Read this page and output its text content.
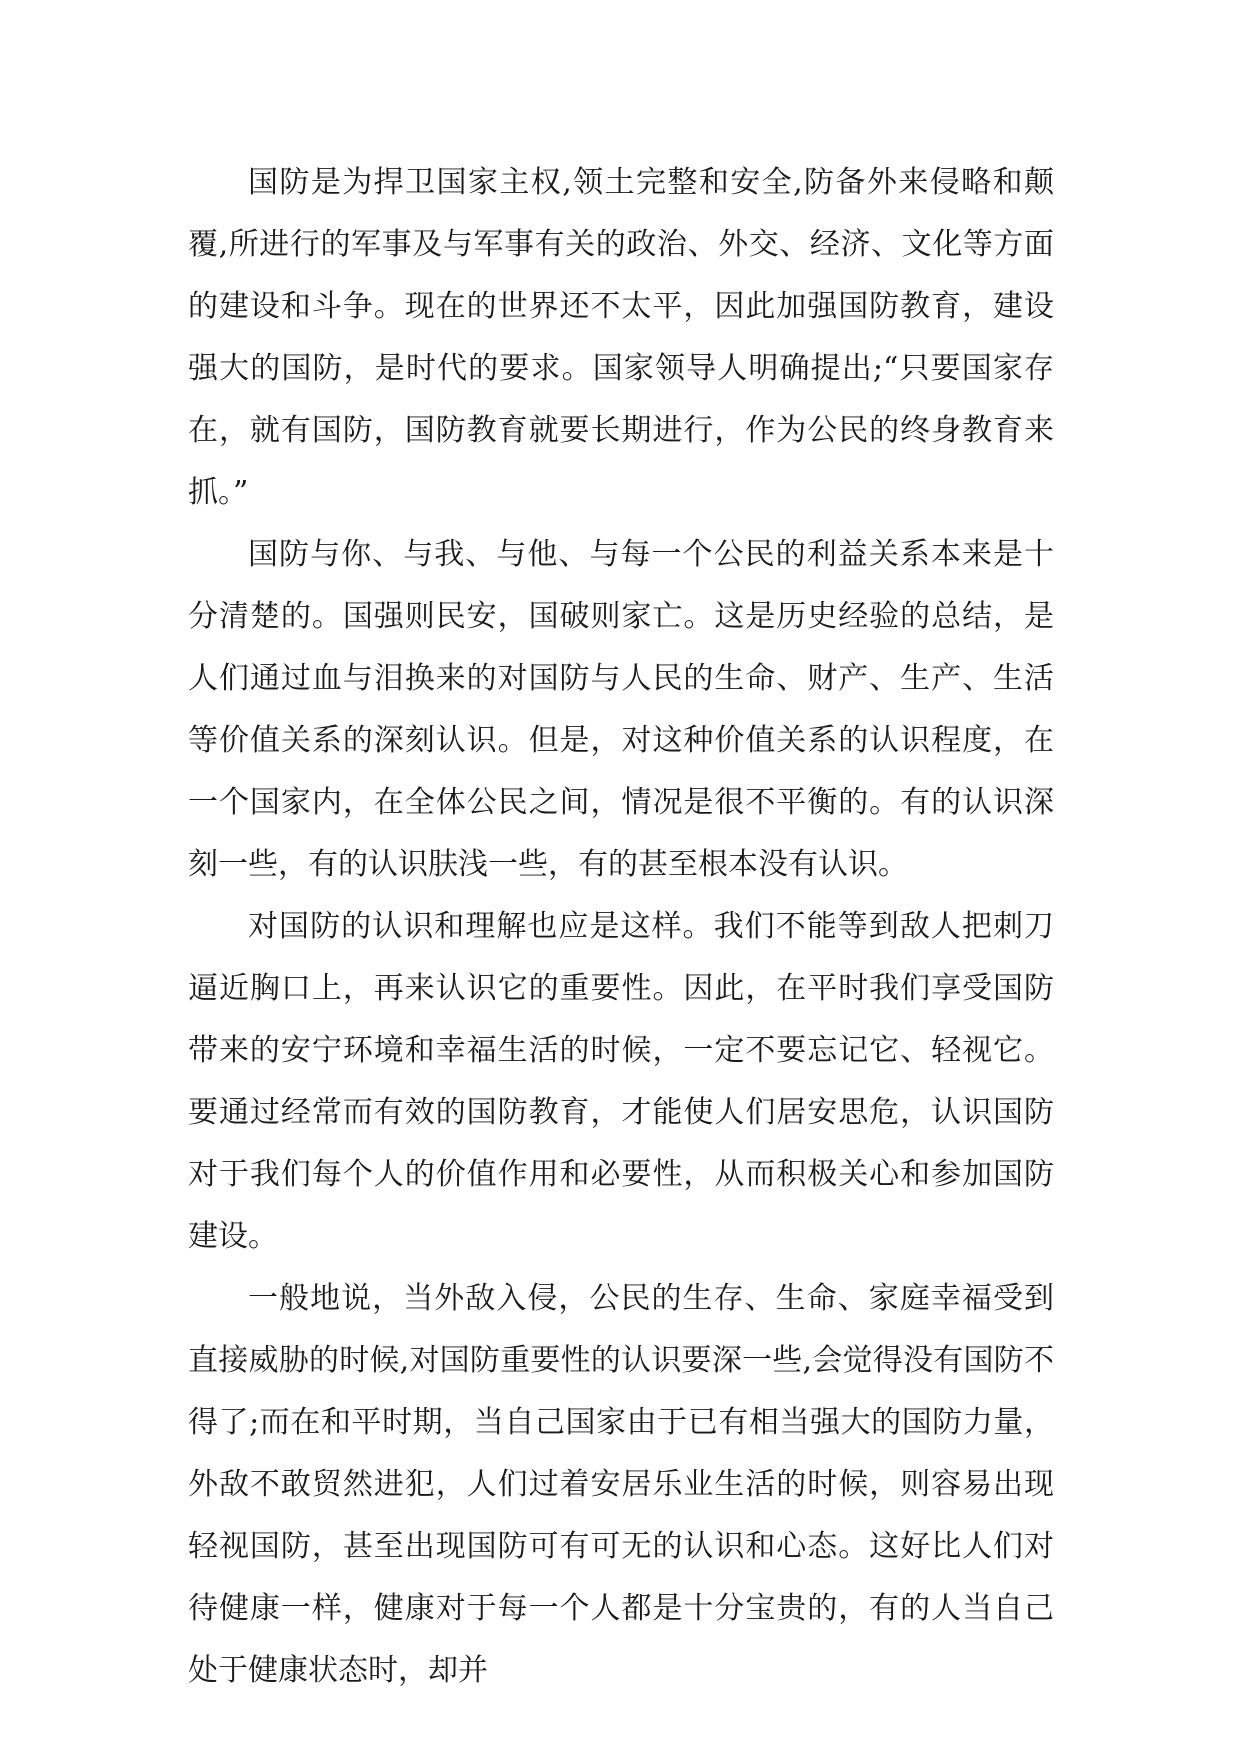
国防是为捍卫国家主权,领土完整和安全,防备外来侵略和颠覆,所进行的军事及与军事有关的政治、外交、经济、文化等方面的建设和斗争。现在的世界还不太平，因此加强国防教育，建设强大的国防，是时代的要求。国家领导人明确提出;“只要国家存在，就有国防，国防教育就要长期进行，作为公民的终身教育来抓。”

国防与你、与我、与他、与每一个公民的利益关系本来是十分清楚的。国强则民安，国破则家亡。这是历史经验的总结，是人们通过血与泪换来的对国防与人民的生命、财产、生产、生活等价值关系的深刻认识。但是，对这种价值关系的认识程度，在一个国家内，在全体公民之间，情况是很不平衡的。有的认识深刻一些，有的认识肤浅一些，有的甚至根本没有认识。

对国防的认识和理解也应是这样。我们不能等到敌人把刺刀逼近胸口上，再来认识它的重要性。因此，在平时我们享受国防带来的安宁环境和幸福生活的时候，一定不要忘记它、轻视它。要通过经常而有效的国防教育，才能使人们居安思危，认识国防对于我们每个人的价值作用和必要性，从而积极关心和参加国防建设。

一般地说，当外敌入侵，公民的生存、生命、家庭幸福受到直接威胁的时候,对国防重要性的认识要深一些,会觉得没有国防不得了;而在和平时期，当自己国家由于已有相当强大的国防力量，外敌不敢贸然进犯，人们过着安居乐业生活的时候，则容易出现轻视国防，甚至出现国防可有可无的认识和心态。这好比人们对待健康一样，健康对于每一个人都是十分宝贵的，有的人当自己处于健康状态时，却并
